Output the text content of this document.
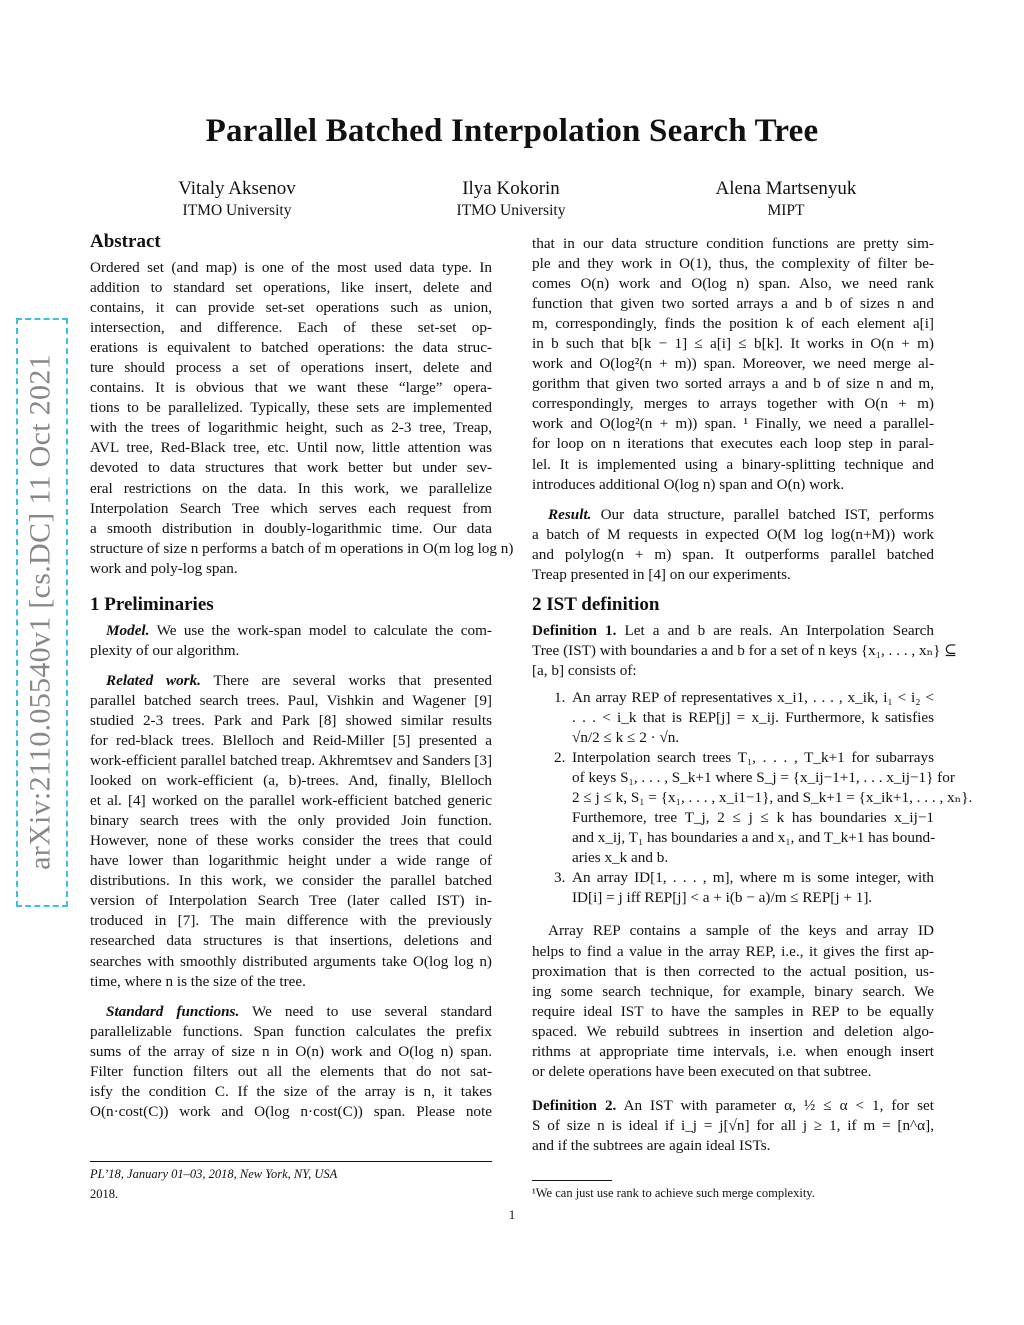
Parallel Batched Interpolation Search Tree
Vitaly Aksenov
ITMO University
Ilya Kokorin
ITMO University
Alena Martsenyuk
MIPT
arXiv:2110.05540v1 [cs.DC] 11 Oct 2021
Abstract
Ordered set (and map) is one of the most used data type. In
addition to standard set operations, like insert, delete and
contains, it can provide set-set operations such as union,
intersection, and difference. Each of these set-set op-
erations is equivalent to batched operations: the data struc-
ture should process a set of operations insert, delete and
contains. It is obvious that we want these “large” opera-
tions to be parallelized. Typically, these sets are implemented
with the trees of logarithmic height, such as 2-3 tree, Treap,
AVL tree, Red-Black tree, etc. Until now, little attention was
devoted to data structures that work better but under sev-
eral restrictions on the data. In this work, we parallelize
Interpolation Search Tree which serves each request from
a smooth distribution in doubly-logarithmic time. Our data
structure of size n performs a batch of m operations in O(m log log n)
work and poly-log span.
1 Preliminaries
Model. We use the work-span model to calculate the com-
plexity of our algorithm.
Related work. There are several works that presented
parallel batched search trees. Paul, Vishkin and Wagener [9]
studied 2-3 trees. Park and Park [8] showed similar results
for red-black trees. Blelloch and Reid-Miller [5] presented a
work-efficient parallel batched treap. Akhremtsev and Sanders [3]
looked on work-efficient (a, b)-trees. And, finally, Blelloch
et al. [4] worked on the parallel work-efficient batched generic
binary search trees with the only provided Join function.
However, none of these works consider the trees that could
have lower than logarithmic height under a wide range of
distributions. In this work, we consider the parallel batched
version of Interpolation Search Tree (later called IST) in-
troduced in [7]. The main difference with the previously
researched data structures is that insertions, deletions and
searches with smoothly distributed arguments take O(log log n)
time, where n is the size of the tree.
Standard functions. We need to use several standard
parallelizable functions. Span function calculates the prefix
sums of the array of size n in O(n) work and O(log n) span.
Filter function filters out all the elements that do not sat-
isfy the condition C. If the size of the array is n, it takes
O(n·cost(C)) work and O(log n·cost(C)) span. Please note
PL’18, January 01–03, 2018, New York, NY, USA
2018.
that in our data structure condition functions are pretty sim-
ple and they work in O(1), thus, the complexity of filter be-
comes O(n) work and O(log n) span. Also, we need rank
function that given two sorted arrays a and b of sizes n and
m, correspondingly, finds the position k of each element a[i]
in b such that b[k − 1] ≤ a[i] ≤ b[k]. It works in O(n + m)
work and O(log²(n + m)) span. Moreover, we need merge al-
gorithm that given two sorted arrays a and b of size n and m,
correspondingly, merges to arrays together with O(n + m)
work and O(log²(n + m)) span. ¹ Finally, we need a parallel-
for loop on n iterations that executes each loop step in paral-
lel. It is implemented using a binary-splitting technique and
introduces additional O(log n) span and O(n) work.
Result. Our data structure, parallel batched IST, performs
a batch of M requests in expected O(M log log(n+M)) work
and polylog(n + m) span. It outperforms parallel batched
Treap presented in [4] on our experiments.
2 IST definition
Definition 1. Let a and b are reals. An Interpolation Search
Tree (IST) with boundaries a and b for a set of n keys {x₁, . . . , xₙ} ⊆
[a, b] consists of:
1. An array REP of representatives x_i1, . . . , x_ik, i₁ < i₂ <
. . . < i_k that is REP[j] = x_ij. Furthermore, k satisfies
√n/2 ≤ k ≤ 2 · √n.
2. Interpolation search trees T₁, . . . , T_k+1 for subarrays
of keys S₁, . . . , S_k+1 where S_j = {x_ij−1+1, . . . x_ij−1} for
2 ≤ j ≤ k, S₁ = {x₁, . . . , x_i1−1}, and S_k+1 = {x_ik+1, . . . , xₙ}.
Furthemore, tree T_j, 2 ≤ j ≤ k has boundaries x_ij−1
and x_ij, T₁ has boundaries a and x₁, and T_k+1 has bound-
aries x_k and b.
3. An array ID[1, . . . , m], where m is some integer, with
ID[i] = j iff REP[j] < a + i(b − a)/m ≤ REP[j + 1].
Array REP contains a sample of the keys and array ID
helps to find a value in the array REP, i.e., it gives the first ap-
proximation that is then corrected to the actual position, us-
ing some search technique, for example, binary search. We
require ideal IST to have the samples in REP to be equally
spaced. We rebuild subtrees in insertion and deletion algo-
rithms at appropriate time intervals, i.e. when enough insert
or delete operations have been executed on that subtree.
Definition 2. An IST with parameter α, ½ ≤ α < 1, for set
S of size n is ideal if i_j = j[√n] for all j ≥ 1, if m = [n^α],
and if the subtrees are again ideal ISTs.
¹We can just use rank to achieve such merge complexity.
1
